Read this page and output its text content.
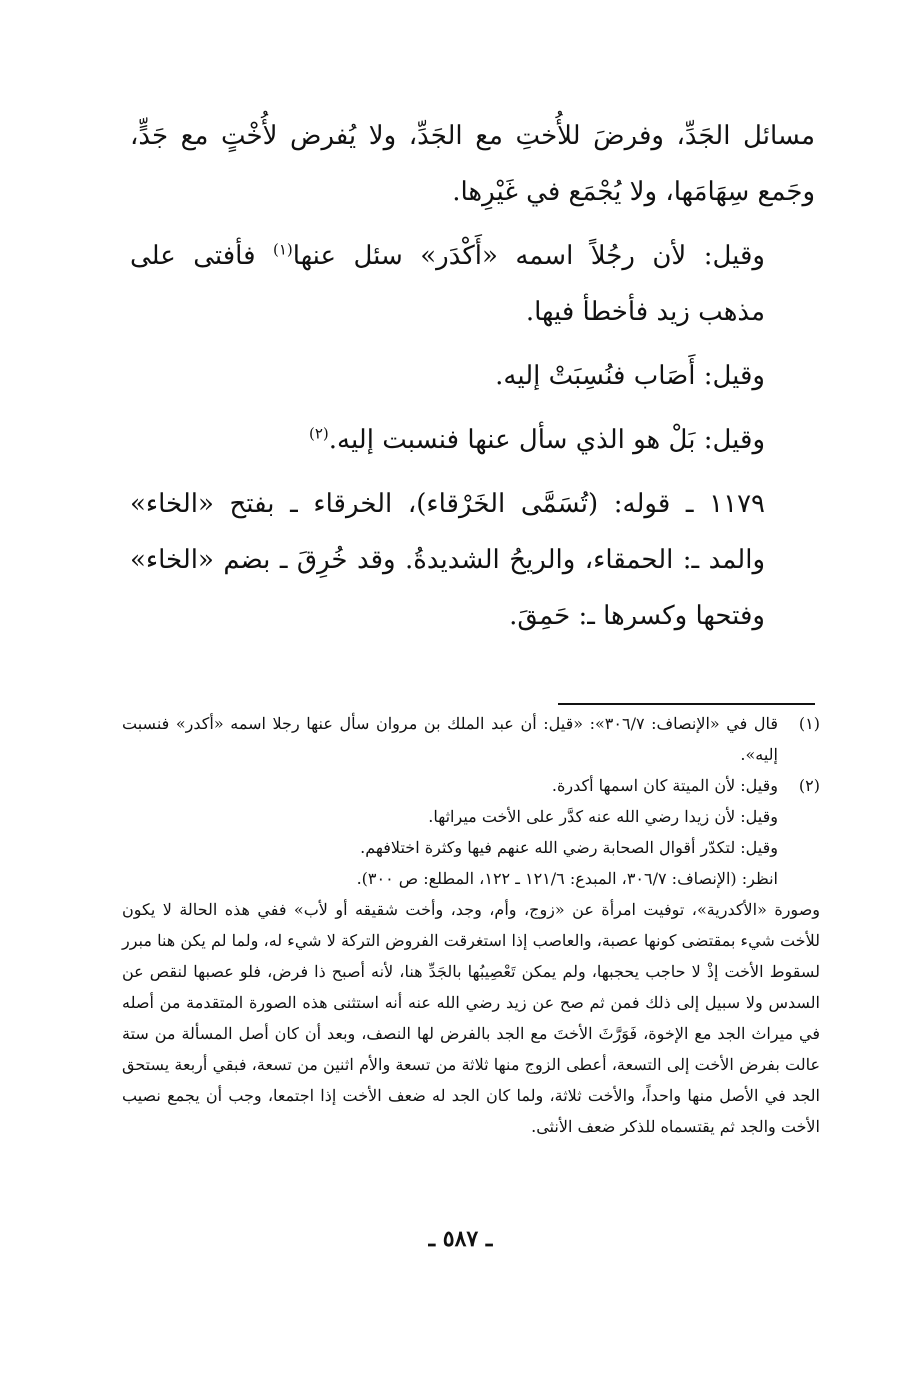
مسائل الجَدِّ، وفرضَ للأُختِ مع الجَدِّ، ولا يُفرض لأُخْتٍ مع جَدٍّ، وجَمع سِهَامَها، ولا يُجْمَع في غَيْرِها.

وقيل: لأن رجُلاً اسمه «أَكْدَر» سئل عنها$^{(١)}$ فأفتى على مذهب زيد فأخطأ فيها.

وقيل: أَصَاب فنُسِبَتْ إليه.

وقيل: بَلْ هو الذي سأل عنها فنسبت إليه.$^{(٢)}$

١١٧٩ ـ قوله: (تُسَمَّى الخَرْقاء)، الخرقاء ـ بفتح «الخاء» والمد ـ: الحمقاء، والريحُ الشديدةُ. وقد خُرِقَ ـ بضم «الخاء» وفتحها وكسرها ـ: حَمِقَ.

(١)
قال في «الإنصاف: ٣٠٦/٧»: «قيل: أن عبد الملك بن مروان سأل عنها رجلا اسمه «أكدر» فنسبت إليه».
(٢)
وقيل: لأن الميتة كان اسمها أكدرة.
وقيل: لأن زيدا رضي الله عنه كدَّر على الأخت ميراثها.
وقيل: لتكدّر أقوال الصحابة رضي الله عنهم فيها وكثرة اختلافهم.
انظر: (الإنصاف: ٣٠٦/٧، المبدع: ١٢١/٦ ـ ١٢٢، المطلع: ص ٣٠٠).
وصورة «الأكدرية»، توفيت امرأة عن «زوج، وأم، وجد، وأخت شقيقه أو لأب» ففي هذه الحالة لا يكون للأخت شيء بمقتضى كونها عصبة، والعاصب إذا استغرقت الفروض التركة لا شيء له، ولما لم يكن هنا مبرر لسقوط الأخت إذْ لا حاجب يحجبها، ولم يمكن تَعْصِيبُها بالجَدِّ هنا، لأنه أصبح ذا فرض، فلو عصبها لنقص عن السدس ولا سبيل إلى ذلك فمن ثم صح عن زيد رضي الله عنه أنه استثنى هذه الصورة المتقدمة من أصله في ميراث الجد مع الإخوة، فَوَرَّثَ الأختَ مع الجد بالفرض لها النصف، وبعد أن كان أصل المسألة من ستة عالت بفرض الأخت إلى التسعة، أعطى الزوج منها ثلاثة من تسعة والأم اثنين من تسعة، فبقي أربعة يستحق الجد في الأصل منها واحداً، والأخت ثلاثة، ولما كان الجد له ضعف الأخت إذا اجتمعا، وجب أن يجمع نصيب الأخت والجد ثم يقتسماه للذكر ضعف الأنثى.
ـ ٥٨٧ ـ
